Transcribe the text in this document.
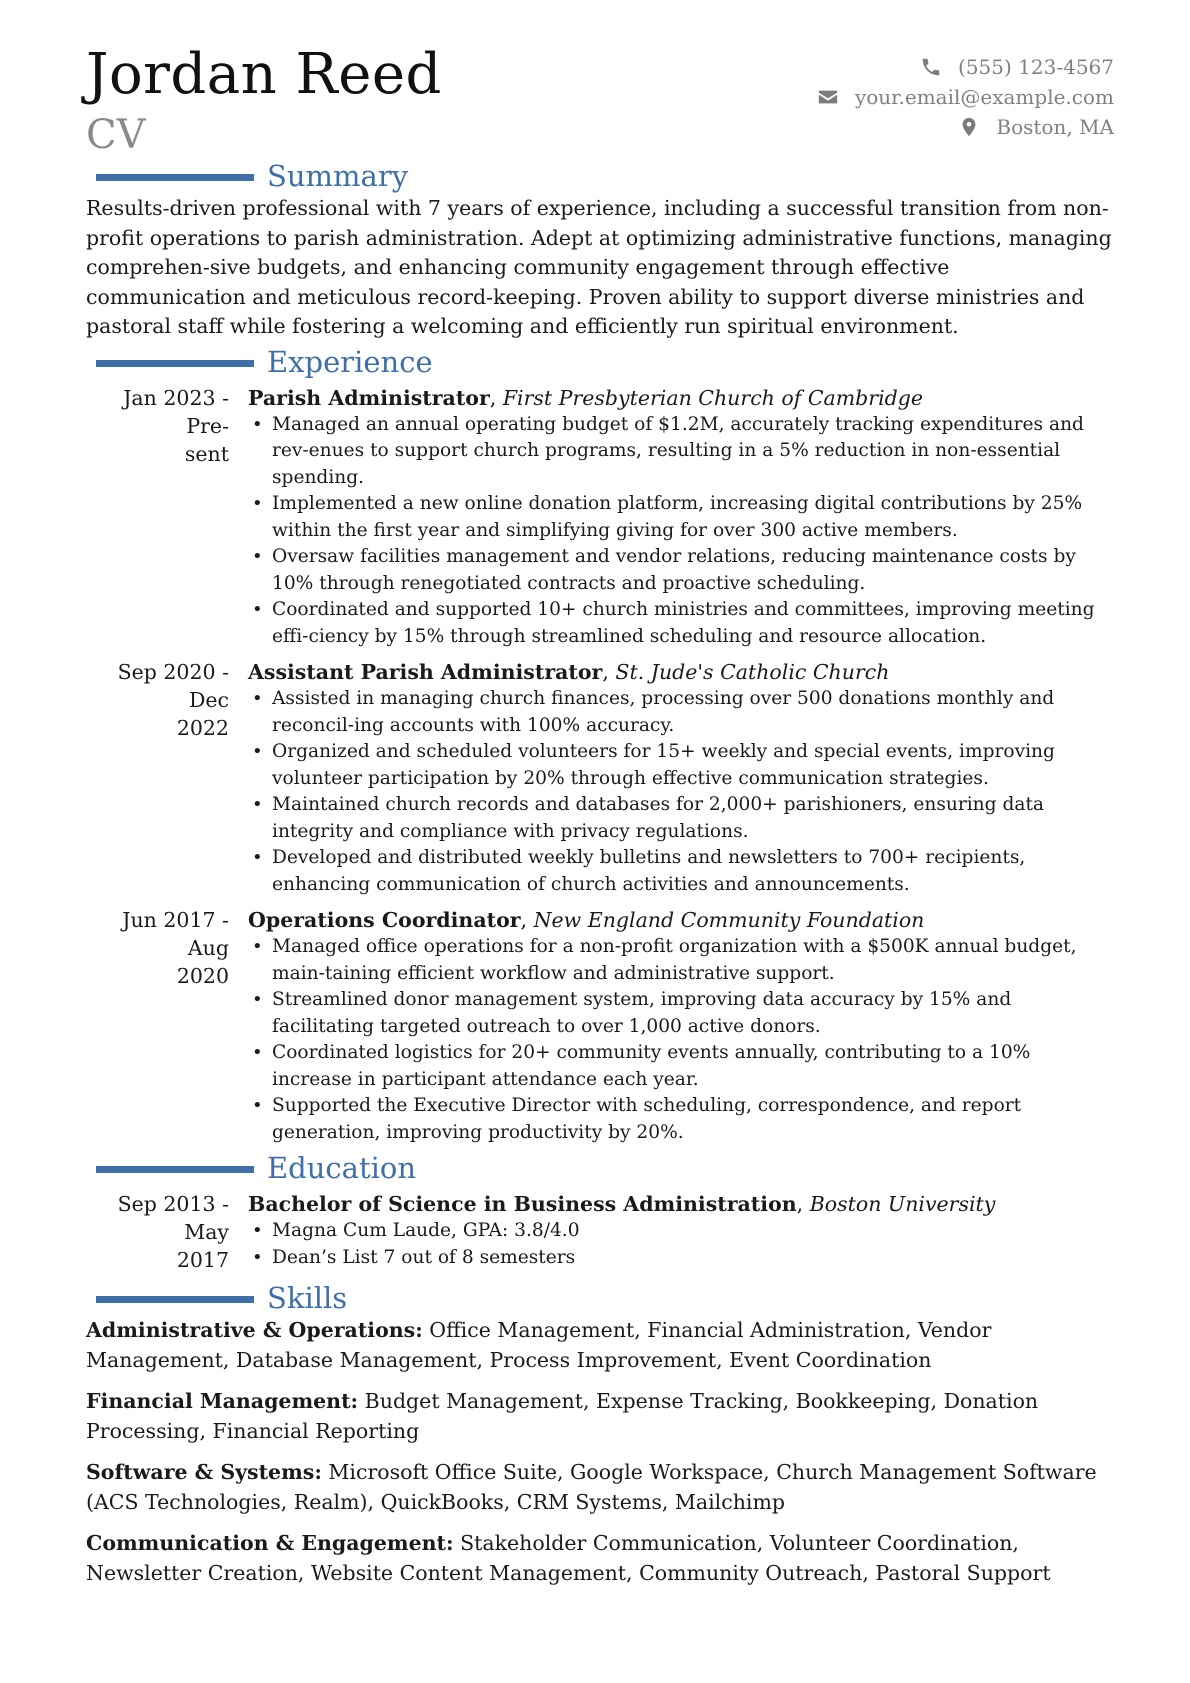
Jordan Reed
CV
(555) 123-4567
your.email@example.com
Boston, MA
Summary

Results-driven professional with 7 years of experience, including a successful transition from non-profit operations to parish administration. Adept at optimizing administrative functions, managing comprehen-sive budgets, and enhancing community engagement through effective communication and meticulous record-keeping. Proven ability to support diverse ministries and pastoral staff while fostering a welcoming and efficiently run spiritual environment.

Experience
Jan 2023 - Pre-
sent
Parish Administrator, First Presbyterian Church of Cambridge
• Managed an annual operating budget of $1.2M, accurately tracking expenditures and rev-enues to support church programs, resulting in a 5% reduction in non-essential spending.
• Implemented a new online donation platform, increasing digital contributions by 25% within the first year and simplifying giving for over 300 active members.
• Oversaw facilities management and vendor relations, reducing maintenance costs by 10% through renegotiated contracts and proactive scheduling.
• Coordinated and supported 10+ church ministries and committees, improving meeting effi-ciency by 15% through streamlined scheduling and resource allocation.
Sep 2020 - Dec
2022
Assistant Parish Administrator, St. Jude's Catholic Church
• Assisted in managing church finances, processing over 500 donations monthly and reconcil-ing accounts with 100% accuracy.
• Organized and scheduled volunteers for 15+ weekly and special events, improving volunteer participation by 20% through effective communication strategies.
• Maintained church records and databases for 2,000+ parishioners, ensuring data integrity and compliance with privacy regulations.
• Developed and distributed weekly bulletins and newsletters to 700+ recipients, enhancing communication of church activities and announcements.
Jun 2017 - Aug
2020
Operations Coordinator, New England Community Foundation
• Managed office operations for a non-profit organization with a $500K annual budget, main-taining efficient workflow and administrative support.
• Streamlined donor management system, improving data accuracy by 15% and facilitating targeted outreach to over 1,000 active donors.
• Coordinated logistics for 20+ community events annually, contributing to a 10% increase in participant attendance each year.
• Supported the Executive Director with scheduling, correspondence, and report generation, improving productivity by 20%.
Education
Sep 2013 - May
2017
Bachelor of Science in Business Administration, Boston University
• Magna Cum Laude, GPA: 3.8/4.0
• Dean’s List 7 out of 8 semesters
Skills
Administrative & Operations: Office Management, Financial Administration, Vendor Management, Database Management, Process Improvement, Event Coordination
Financial Management: Budget Management, Expense Tracking, Bookkeeping, Donation Processing, Financial Reporting
Software & Systems: Microsoft Office Suite, Google Workspace, Church Management Software (ACS Technologies, Realm), QuickBooks, CRM Systems, Mailchimp
Communication & Engagement: Stakeholder Communication, Volunteer Coordination, Newsletter Creation, Website Content Management, Community Outreach, Pastoral Support
